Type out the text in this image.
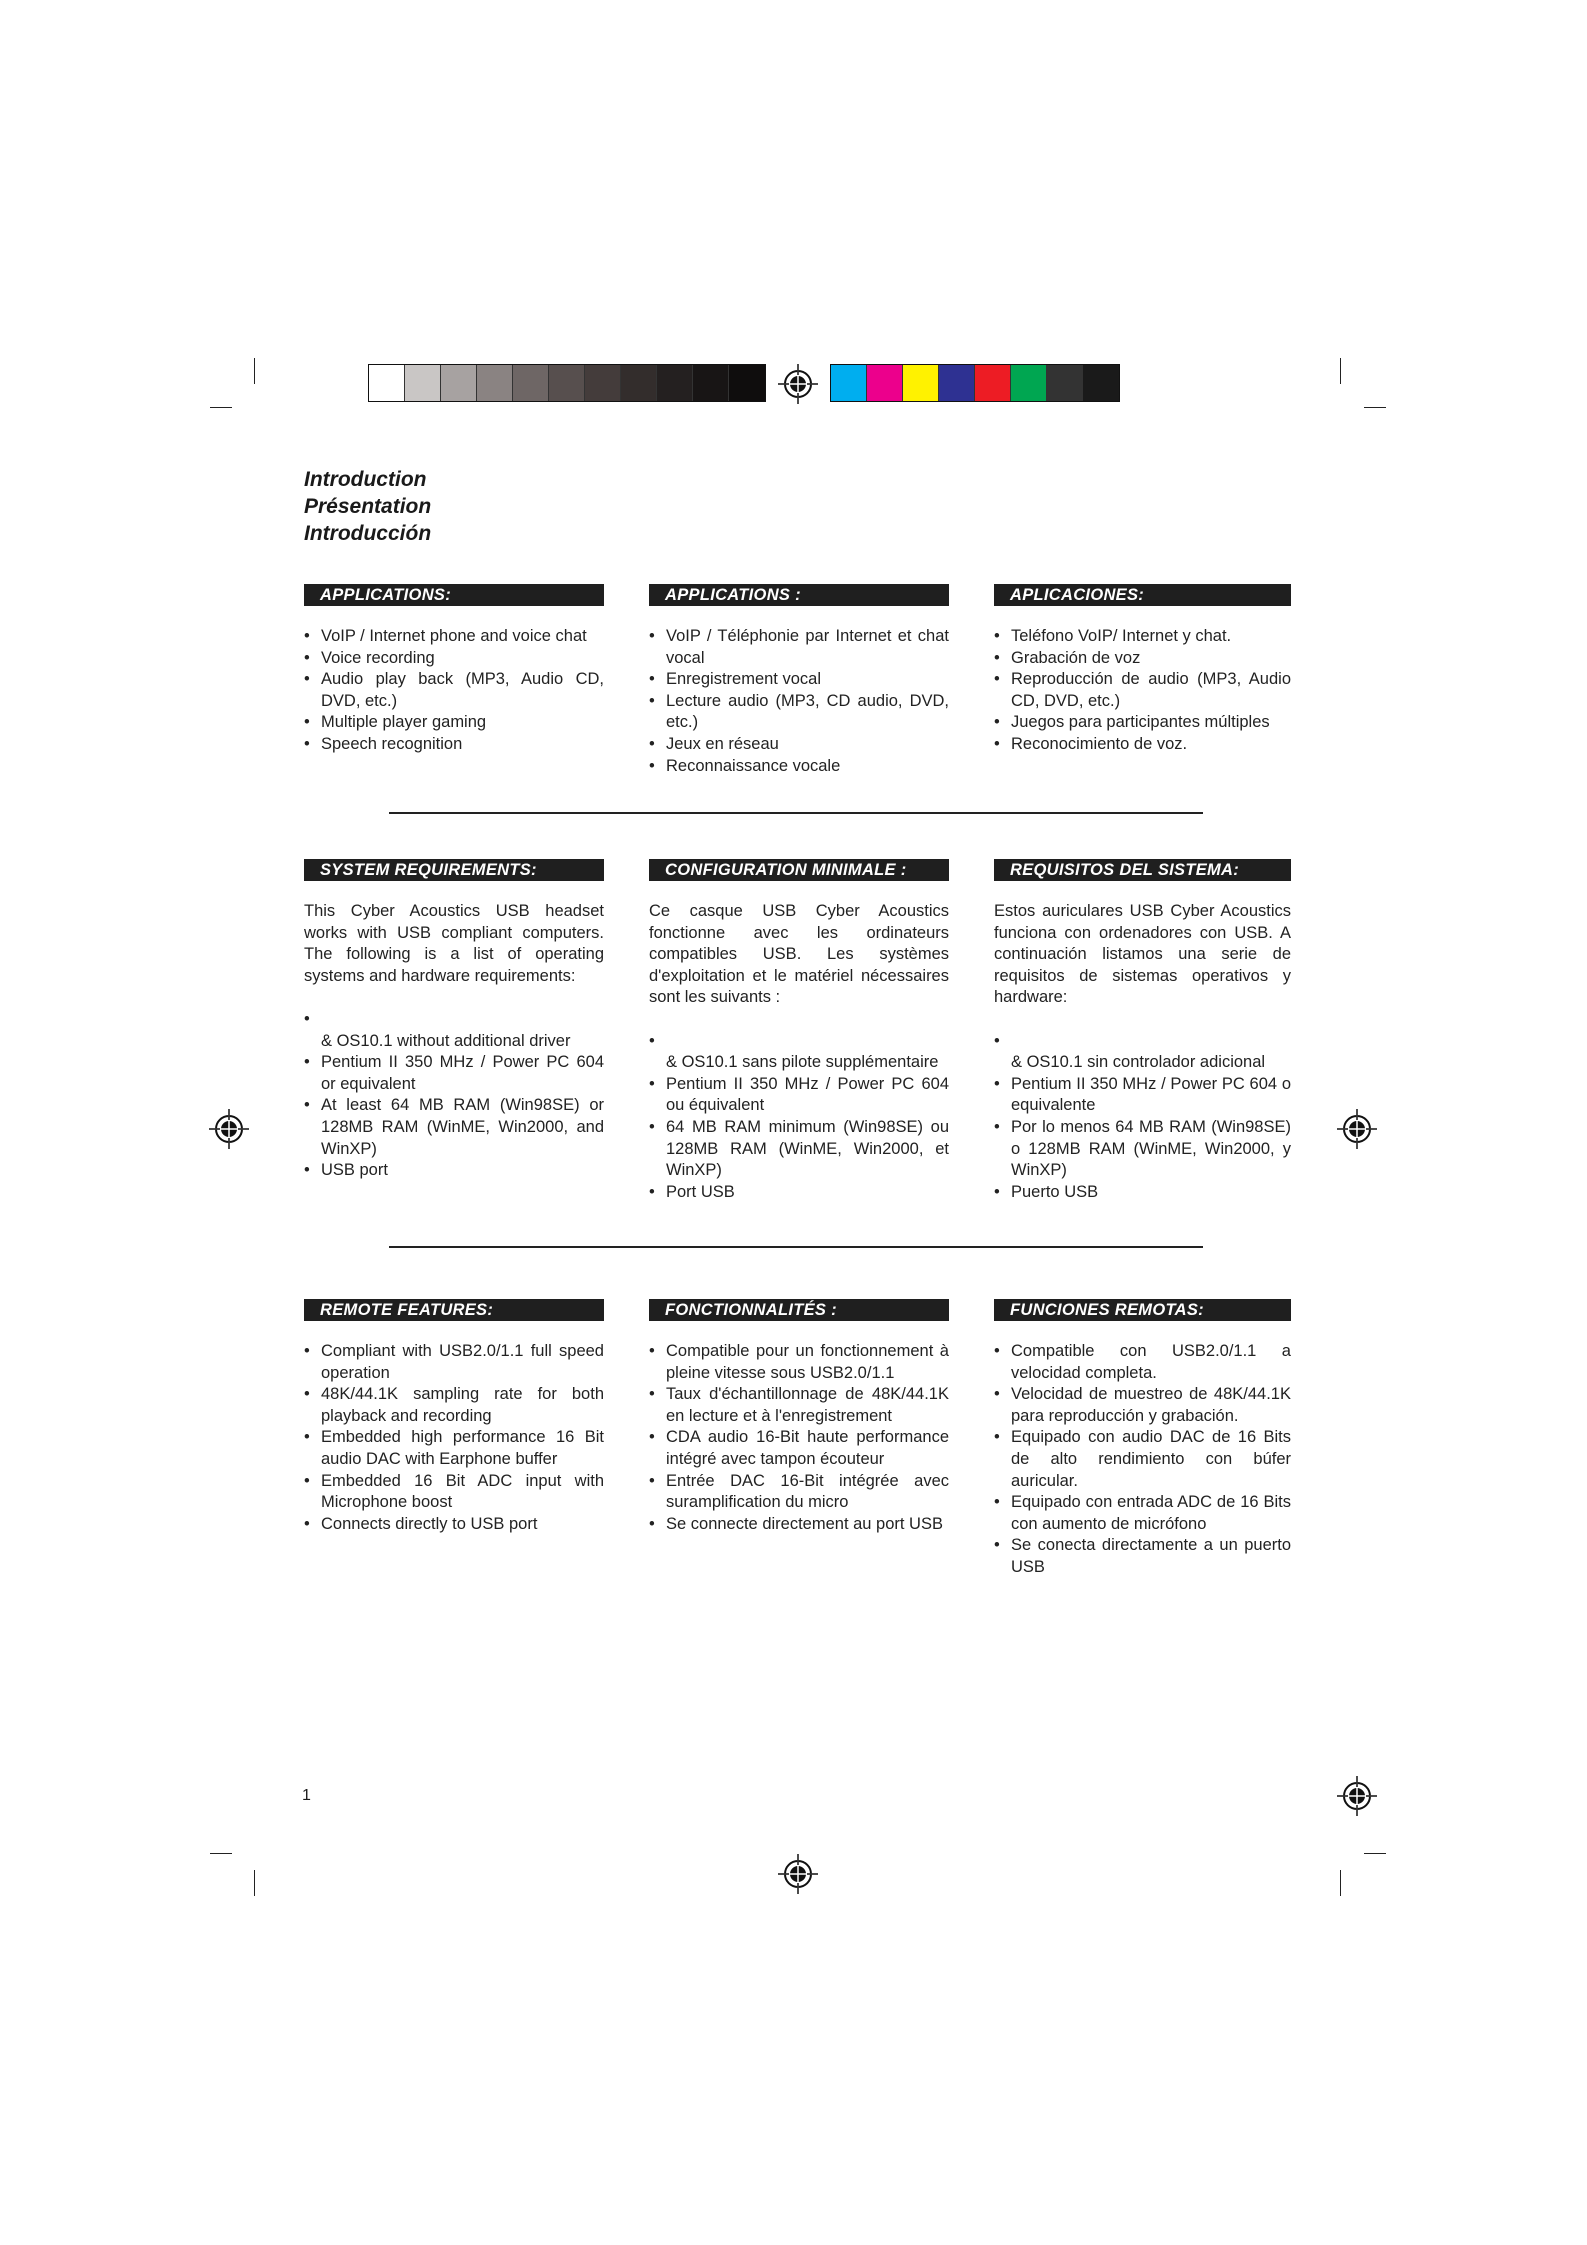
Introduction
Présentation
Introducción
APPLICATIONS:	APPLICATIONS :	APLICACIONES:
• VoIP / Internet phone and voice chat
• Voice recording
• Audio play back (MP3, Audio CD, DVD, etc.)
• Multiple player gaming
• Speech recognition
• VoIP / Téléphonie par Internet et chat vocal
• Enregistrement vocal
• Lecture audio (MP3, CD audio, DVD, etc.)
• Jeux en réseau
• Reconnaissance vocale
• Teléfono VoIP/ Internet y chat.
• Grabación de voz
• Reproducción de audio (MP3, Audio CD, DVD, etc.)
• Juegos para participantes múltiples
• Reconocimiento de voz.
SYSTEM REQUIREMENTS:	CONFIGURATION MINIMALE :	REQUISITOS DEL SISTEMA:

This Cyber Acoustics USB headset works with USB compliant computers. The following is a list of operating systems and hardware requirements:

• & OS10.1 without additional driver
• Pentium II 350 MHz / Power PC 604 or equivalent
• At least 64 MB RAM (Win98SE) or 128MB RAM (WinME, Win2000, and WinXP)
• USB port

Ce casque USB Cyber Acoustics fonctionne avec les ordinateurs compatibles USB. Les systèmes d'exploitation et le matériel nécessaires sont les suivants :

• & OS10.1 sans pilote supplémentaire
• Pentium II 350 MHz / Power PC 604 ou équivalent
• 64 MB RAM minimum (Win98SE) ou 128MB RAM (WinME, Win2000, et WinXP)
• Port USB

Estos auriculares USB Cyber Acoustics funciona con ordenadores con USB. A continuación listamos una serie de requisitos de sistemas operativos y hardware:

• & OS10.1 sin controlador adicional
• Pentium II 350 MHz / Power PC 604 o equivalente
• Por lo menos 64 MB RAM (Win98SE) o 128MB RAM (WinME, Win2000, y WinXP)
• Puerto USB
REMOTE FEATURES:	FONCTIONNALITÉS :	FUNCIONES REMOTAS:
• Compliant with USB2.0/1.1 full speed operation
• 48K/44.1K sampling rate for both playback and recording
• Embedded high performance 16 Bit audio DAC with Earphone buffer
• Embedded 16 Bit ADC input with Microphone boost
• Connects directly to USB port
• Compatible pour un fonctionnement à pleine vitesse sous USB2.0/1.1
• Taux d'échantillonnage de 48K/44.1K en lecture et à l'enregistrement
• CDA audio 16-Bit haute performance intégré avec tampon écouteur
• Entrée DAC 16-Bit intégrée avec suramplification du micro
• Se connecte directement au port USB
• Compatible con USB2.0/1.1 a velocidad completa.
• Velocidad de muestreo de 48K/44.1K para reproducción y grabación.
• Equipado con audio DAC de 16 Bits de alto rendimiento con búfer auricular.
• Equipado con entrada ADC de 16 Bits con aumento de micrófono
• Se conecta directamente a un puerto USB
1
